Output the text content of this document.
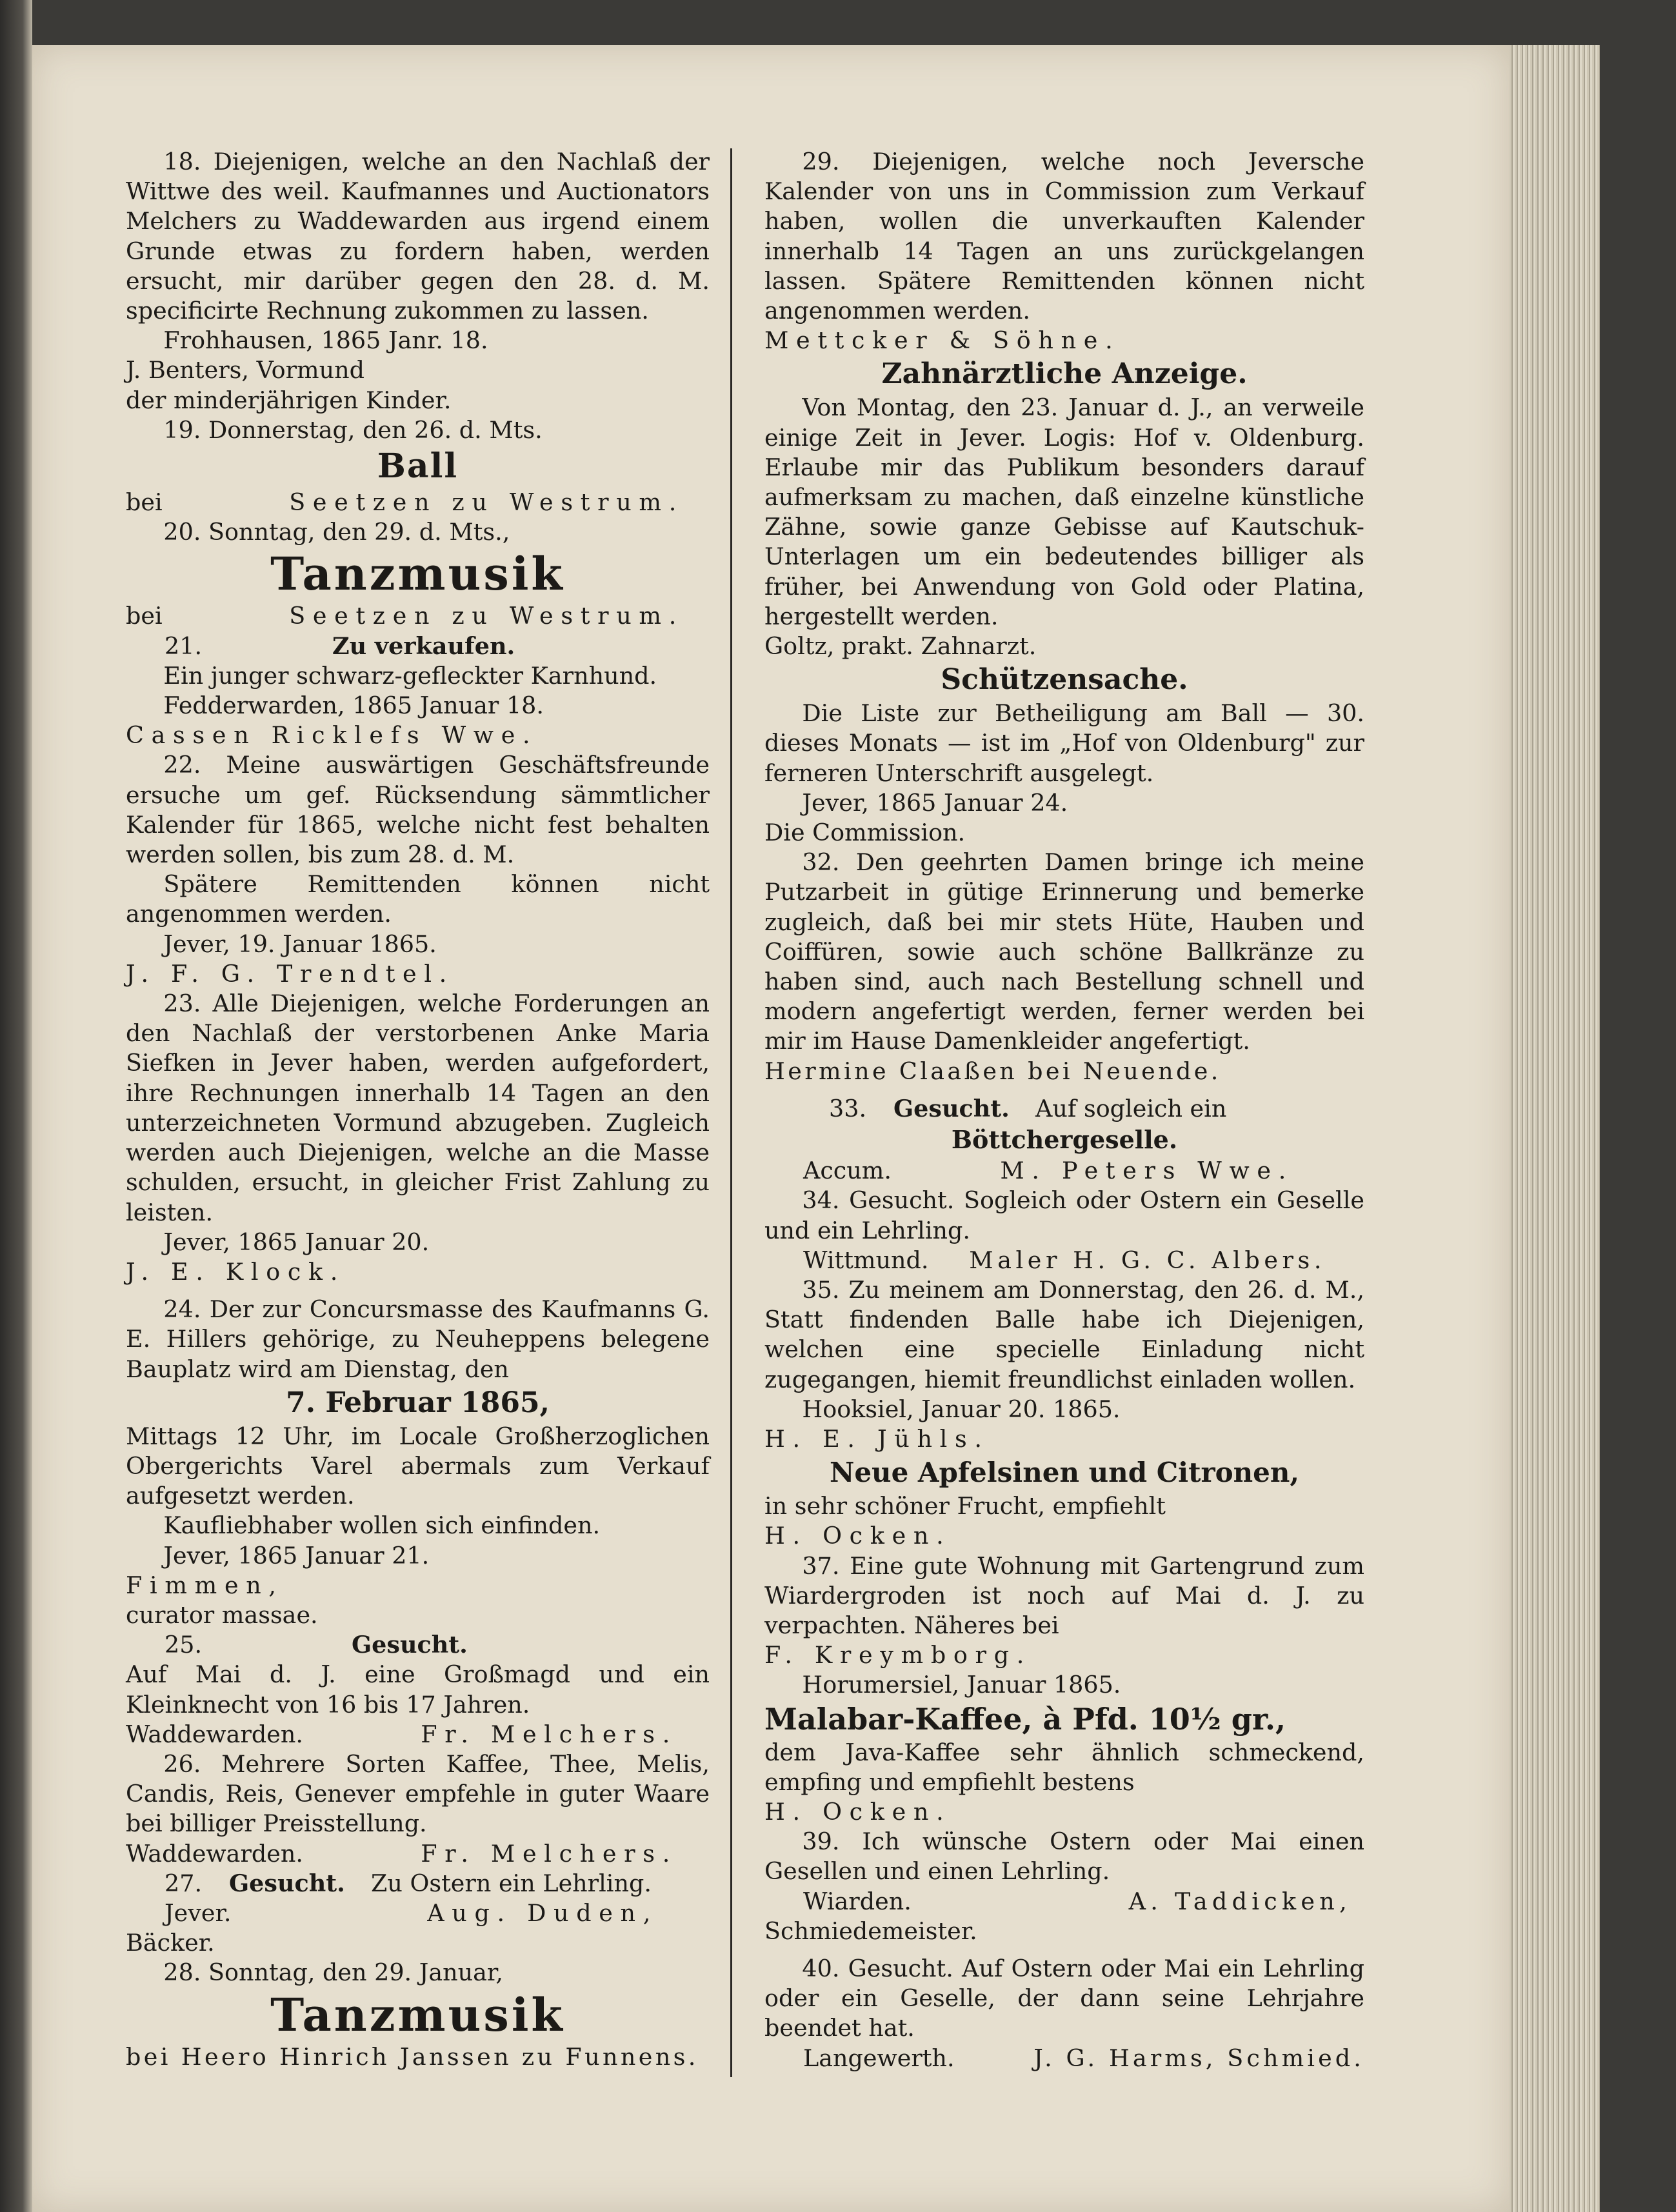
18. Diejenigen, welche an den Nachlaß der Wittwe des weil. Kaufmannes und Auctionators Melchers zu Waddewarden aus irgend einem Grunde etwas zu fordern haben, werden ersucht, mir darüber gegen den 28. d. M. specificirte Rechnung zukommen zu lassen.

Frohhausen, 1865 Janr. 18.

J. Benters, Vormund

der minderjährigen Kinder.

19. Donnerstag, den 26. d. Mts.

Ball

bei	Seetzen zu Westrum.

20. Sonntag, den 29. d. Mts.,

Tanzmusik

bei	Seetzen zu Westrum.
21.	Zu verkaufen.

Ein junger schwarz-gefleckter Karnhund.

Fedderwarden, 1865 Januar 18.

Cassen Ricklefs Wwe.

22. Meine auswärtigen Geschäftsfreunde ersuche um gef. Rücksendung sämmtlicher Kalender für 1865, welche nicht fest behalten werden sollen, bis zum 28. d. M.

Spätere Remittenden können nicht angenommen werden.

Jever, 19. Januar 1865.

J. F. G. Trendtel.

23. Alle Diejenigen, welche Forderungen an den Nachlaß der verstorbenen Anke Maria Siefken in Jever haben, werden aufgefordert, ihre Rechnungen innerhalb 14 Tagen an den unterzeichneten Vormund abzugeben. Zugleich werden auch Diejenigen, welche an die Masse schulden, ersucht, in gleicher Frist Zahlung zu leisten.

Jever, 1865 Januar 20.

J. E. Klock.

24. Der zur Concursmasse des Kaufmanns G. E. Hillers gehörige, zu Neuheppens belegene Bauplatz wird am Dienstag, den

7. Februar 1865,

Mittags 12 Uhr, im Locale Großherzoglichen Obergerichts Varel abermals zum Verkauf aufgesetzt werden.

Kaufliebhaber wollen sich einfinden.

Jever, 1865 Januar 21.

Fimmen,

curator massae.

25.	Gesucht.

Auf Mai d. J. eine Großmagd und ein Kleinknecht von 16 bis 17 Jahren.

Waddewarden.	Fr. Melchers.

26. Mehrere Sorten Kaffee, Thee, Melis, Candis, Reis, Genever empfehle in guter Waare bei billiger Preisstellung.

Waddewarden.	Fr. Melchers.
27.	Gesucht.	Zu Ostern ein Lehrling.
Jever.	Aug. Duden,

Bäcker.

28. Sonntag, den 29. Januar,

Tanzmusik

bei Heero Hinrich Janssen zu Funnens.

29. Diejenigen, welche noch Jeversche Kalender von uns in Commission zum Verkauf haben, wollen die unverkauften Kalender innerhalb 14 Tagen an uns zurückgelangen lassen. Spätere Remittenden können nicht angenommen werden.

Mettcker & Söhne.

Zahnärztliche Anzeige.

Von Montag, den 23. Januar d. J., an verweile einige Zeit in Jever. Logis: Hof v. Oldenburg. Erlaube mir das Publikum besonders darauf aufmerksam zu machen, daß einzelne künstliche Zähne, sowie ganze Gebisse auf Kautschuk-Unterlagen um ein bedeutendes billiger als früher, bei Anwendung von Gold oder Platina, hergestellt werden.

Goltz, prakt. Zahnarzt.

Schützensache.

Die Liste zur Betheiligung am Ball — 30. dieses Monats — ist im „Hof von Oldenburg" zur ferneren Unterschrift ausgelegt.

Jever, 1865 Januar 24.

Die Commission.

32. Den geehrten Damen bringe ich meine Putzarbeit in gütige Erinnerung und bemerke zugleich, daß bei mir stets Hüte, Hauben und Coiffüren, sowie auch schöne Ballkränze zu haben sind, auch nach Bestellung schnell und modern angefertigt werden, ferner werden bei mir im Hause Damenkleider angefertigt.

Hermine Claaßen bei Neuende.

33.	Gesucht.	Auf sogleich ein

Böttchergeselle.

Accum.	M. Peters Wwe.

34. Gesucht. Sogleich oder Ostern ein Geselle und ein Lehrling.

Wittmund. Maler H. G. C. Albers.

35. Zu meinem am Donnerstag, den 26. d. M., Statt findenden Balle habe ich Diejenigen, welchen eine specielle Einladung nicht zugegangen, hiemit freundlichst einladen wollen.

Hooksiel, Januar 20. 1865.

H. E. Jühls.

Neue Apfelsinen und Citronen,

in sehr schöner Frucht, empfiehlt

H. Ocken.

37. Eine gute Wohnung mit Gartengrund zum Wiardergroden ist noch auf Mai d. J. zu verpachten. Näheres bei

F. Kreymborg.

Horumersiel, Januar 1865.

Malabar-Kaffee, à Pfd. 10½ gr.,

dem Java-Kaffee sehr ähnlich schmeckend, empfing und empfiehlt bestens

H. Ocken.

39. Ich wünsche Ostern oder Mai einen Gesellen und einen Lehrling.

Wiarden.	A. Taddicken,

Schmiedemeister.

40. Gesucht. Auf Ostern oder Mai ein Lehrling oder ein Geselle, der dann seine Lehrjahre beendet hat.

Langewerth.	J. G. Harms, Schmied.
